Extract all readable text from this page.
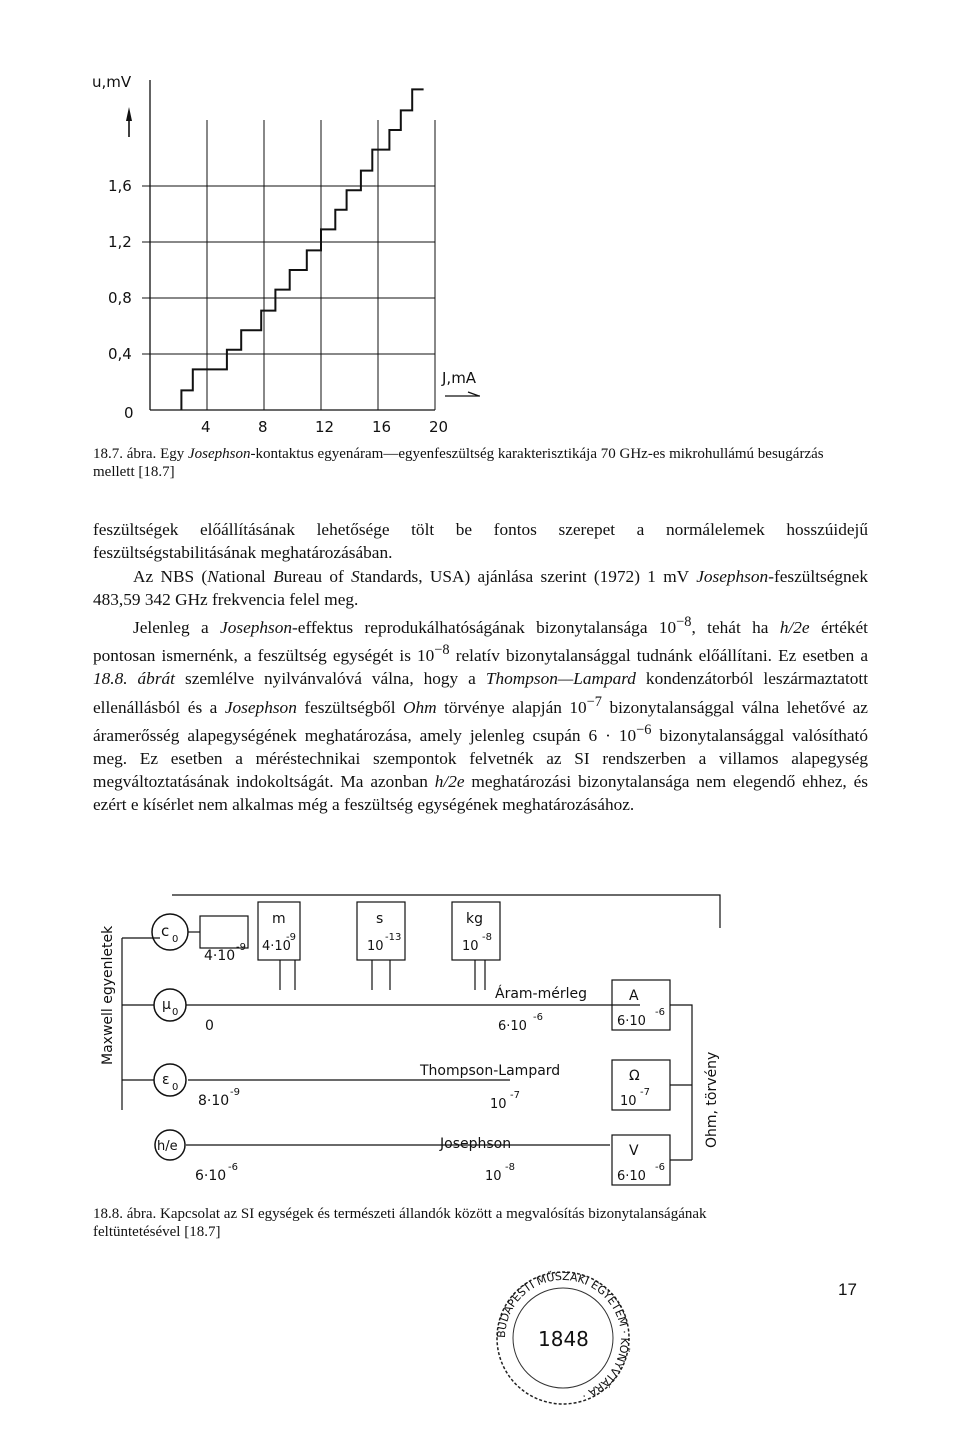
0,4
0,8
1,2
1,6
4	8	12	16	20
u,mV
J,mA
0
18.7. ábra. Egy Josephson-kontaktus egyenáram—egyenfeszültség karakterisztikája 70 GHz-es mikrohullámú besugárzás mellett [18.7]

feszültségek előállításának lehetősége tölt be fontos szerepet a normálelemek hosszúidejű feszültségstabilitásának meghatározásában.

Az NBS (National Bureau of Standards, USA) ajánlása szerint (1972) 1 mV Josephson-feszültségnek 483,59 342 GHz frekvencia felel meg.

Jelenleg a Josephson-effektus reprodukálhatóságának bizonytalansága $10^{-8}$, tehát ha h/2e értékét pontosan ismernénk, a feszültség egységét is $10^{-8}$ relatív bizonytalansággal tudnánk előállítani. Ez esetben a 18.8. ábrát szemlélve nyilvánvalóvá válna, hogy a Thompson—Lampard kondenzátorból leszármaztatott ellenállásból és a Josephson feszültségből Ohm törvénye alapján $10^{-7}$ bizonytalansággal válna lehetővé az áramerősség alapegységének meghatározása, amely jelenleg csupán $6 \cdot 10^{-6}$ bizonytalansággal valósítható meg. Ez esetben a méréstechnikai szempontok felvetnék az SI rendszerben a villamos alapegység megváltoztatásának indokoltságát. Ma azonban h/2e meghatározási bizonytalansága nem elegendő ehhez, és ezért e kísérlet nem alkalmas még a feszültség egységének meghatározásához.

Maxwell egyenletek	c 0
4·10
-9
μ 0
0
ε 0
8·10
-9
h/e
6·10
-6
m
4·10
-9
s
10
-13
kg
10
-8
Áram-mérleg
6·10
-6
Thompson-Lampard
10
-7
Josephson
10
-8
A
6·10
-6
Ω
10
-7
V
6·10
-6
Ohm, törvény
18.8. ábra. Kapcsolat az SI egységek és természeti állandók között a megvalósítás bizonytalanságának feltüntetésével [18.7]
BUDAPESTI MŰSZAKI EGYETEM · KÖNYVTÁRA ·
1848
17
